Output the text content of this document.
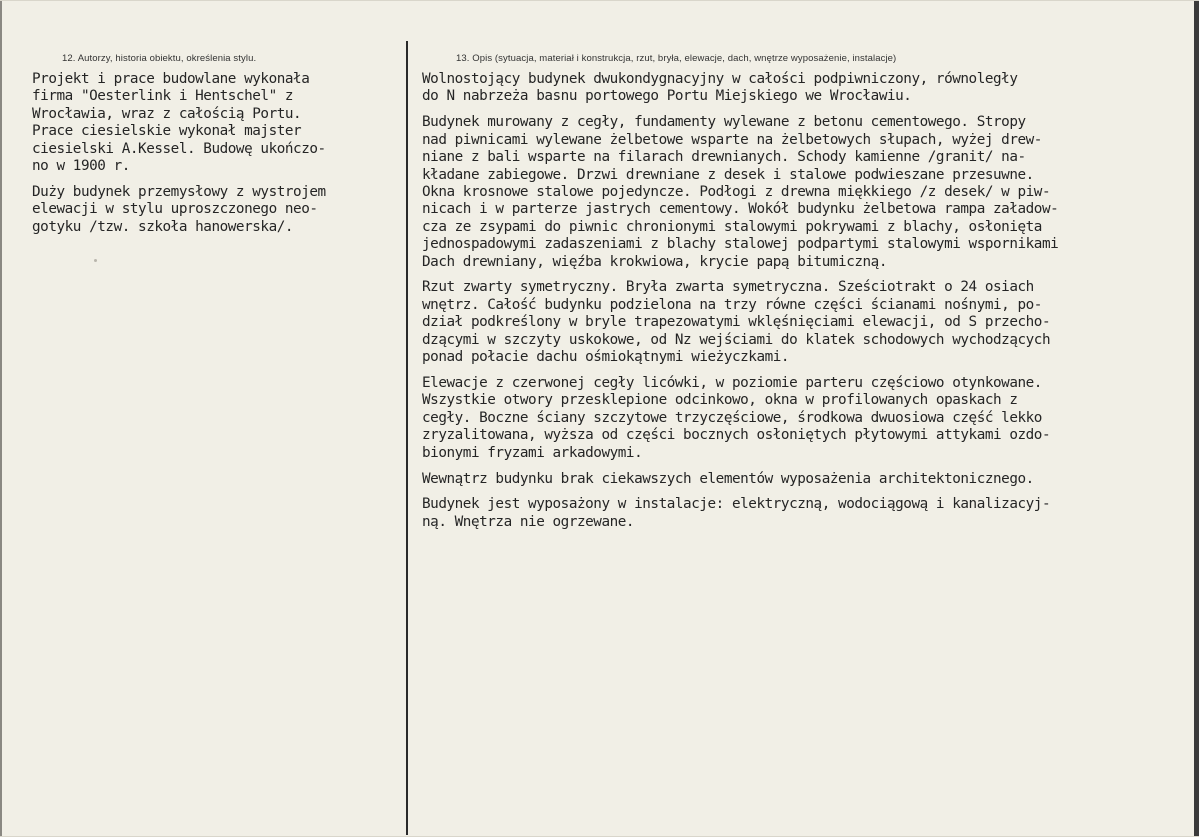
12. Autorzy, historia obiektu, określenia stylu.	13. Opis (sytuacja, materiał i konstrukcja, rzut, bryła, elewacje, dach, wnętrze wyposażenie, instalacje)

Projekt i prace budowlane wykonała
firma "Oesterlink i Hentschel" z
Wrocławia, wraz z całością Portu.
Prace ciesielskie wykonał majster
ciesielski A.Kessel. Budowę ukończo-
no w 1900 r.

Duży budynek przemysłowy z wystrojem
elewacji w stylu uproszczonego neo-
gotyku /tzw. szkoła hanowerska/.

Wolnostojący budynek dwukondygnacyjny w całości podpiwniczony, równoległy
do N nabrzeża basnu portowego Portu Miejskiego we Wrocławiu.

Budynek murowany z cegły, fundamenty wylewane z betonu cementowego. Stropy
nad piwnicami wylewane żelbetowe wsparte na żelbetowych słupach, wyżej drew-
niane z bali wsparte na filarach drewnianych. Schody kamienne /granit/ na-
kładane zabiegowe. Drzwi drewniane z desek i stalowe podwieszane przesuwne.
Okna krosnowe stalowe pojedyncze. Podłogi z drewna miękkiego /z desek/ w piw-
nicach i w parterze jastrych cementowy. Wokół budynku żelbetowa rampa załadow-
cza ze zsypami do piwnic chronionymi stalowymi pokrywami z blachy, osłonięta
jednospadowymi zadaszeniami z blachy stalowej podpartymi stalowymi wspornikami
Dach drewniany, więźba krokwiowa, krycie papą bitumiczną.

Rzut zwarty symetryczny. Bryła zwarta symetryczna. Sześciotrakt o 24 osiach
wnętrz. Całość budynku podzielona na trzy równe części ścianami nośnymi, po-
dział podkreślony w bryle trapezowatymi wklęśnięciami elewacji, od S przecho-
dzącymi w szczyty uskokowe, od Nz wejściami do klatek schodowych wychodzących
ponad połacie dachu ośmiokątnymi wieżyczkami.

Elewacje z czerwonej cegły licówki, w poziomie parteru częściowo otynkowane.
Wszystkie otwory przesklepione odcinkowo, okna w profilowanych opaskach z
cegły. Boczne ściany szczytowe trzyczęściowe, środkowa dwuosiowa część lekko
zryzalitowana, wyższa od części bocznych osłoniętych płytowymi attykami ozdo-
bionymi fryzami arkadowymi.

Wewnątrz budynku brak ciekawszych elementów wyposażenia architektonicznego.

Budynek jest wyposażony w instalacje: elektryczną, wodociągową i kanalizacyj-
ną. Wnętrza nie ogrzewane.
